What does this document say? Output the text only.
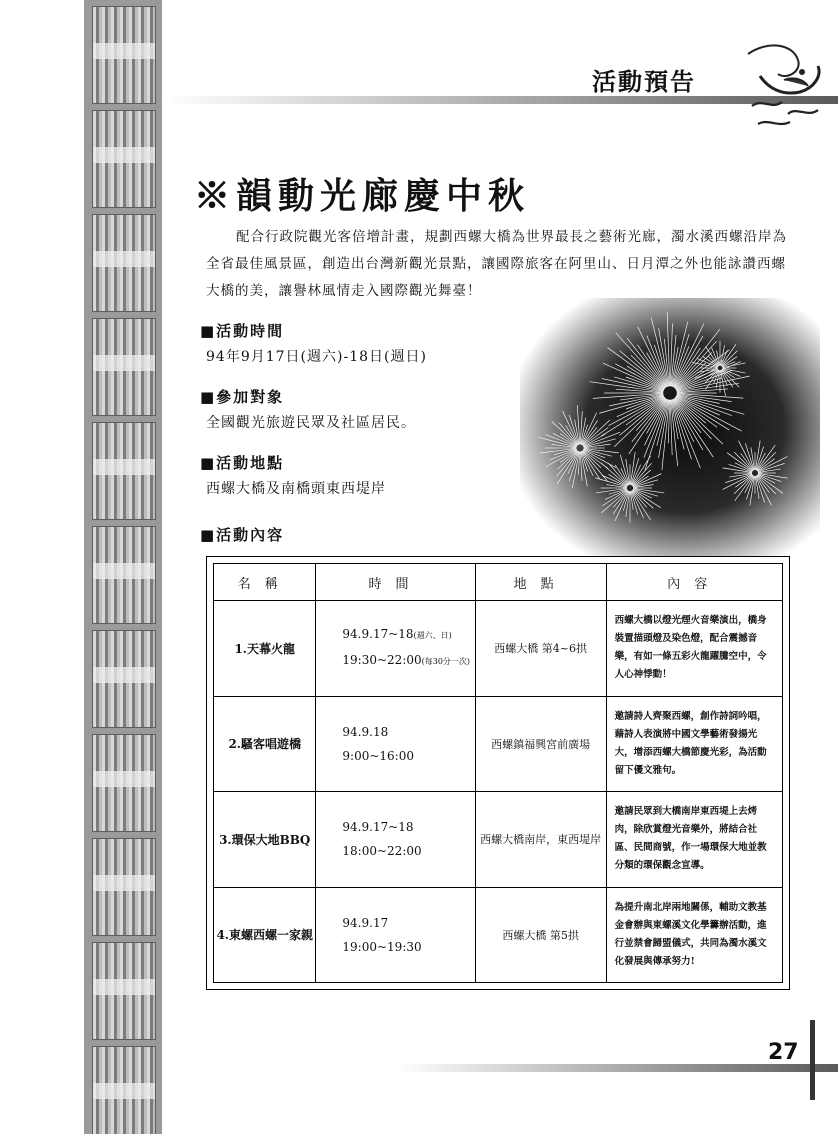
活動預告
※韻動光廊慶中秋

配合行政院觀光客倍增計畫，規劃西螺大橋為世界最長之藝術光廊，濁水溪西螺沿岸為全省最佳風景區，創造出台灣新觀光景點，讓國際旅客在阿里山、日月潭之外也能詠讚西螺大橋的美，讓譽林風情走入國際觀光舞臺！

■活動時間

94年9月17日(週六)-18日(週日)

■參加對象

全國觀光旅遊民眾及社區居民。

■活動地點

西螺大橋及南橋頭東西堤岸

■活動內容
名稱	時間	地點	內容
1.天幕火龍	94.9.17~18(週六、日)
19:30~22:00(每30分一次)	西螺大橋 第4~6拱	西螺大橋以燈光煙火音樂演出，橋身裝置描頭燈及染色燈，配合震撼音樂，有如一條五彩火龍躍騰空中，令人心神悸動！
2.騷客唱遊橋	94.9.18
9:00~16:00	西螺鎮福興宮前廣場	邀請詩人齊聚西螺，創作詩詞吟唱，藉詩人表演將中國文學藝術發揚光大，增添西螺大橋節慶光彩，為活動留下優文雅句。
3.環保大地BBQ	94.9.17~18
18:00~22:00	西螺大橋南岸，東西堤岸	邀請民眾到大橋南岸東西堤上去烤肉，除欣賞燈光音樂外，將結合社區、民間商號，作一場環保大地並教分類的環保觀念宣導。
4.東螺西螺一家親	94.9.17
19:00~19:30	西螺大橋 第5拱	為提升南北岸兩地關係，輔助文教基金會辦與東螺溪文化學籌辦活動，進行並禁會歸盟儀式，共同為濁水溪文化發展與傳承努力!
27
